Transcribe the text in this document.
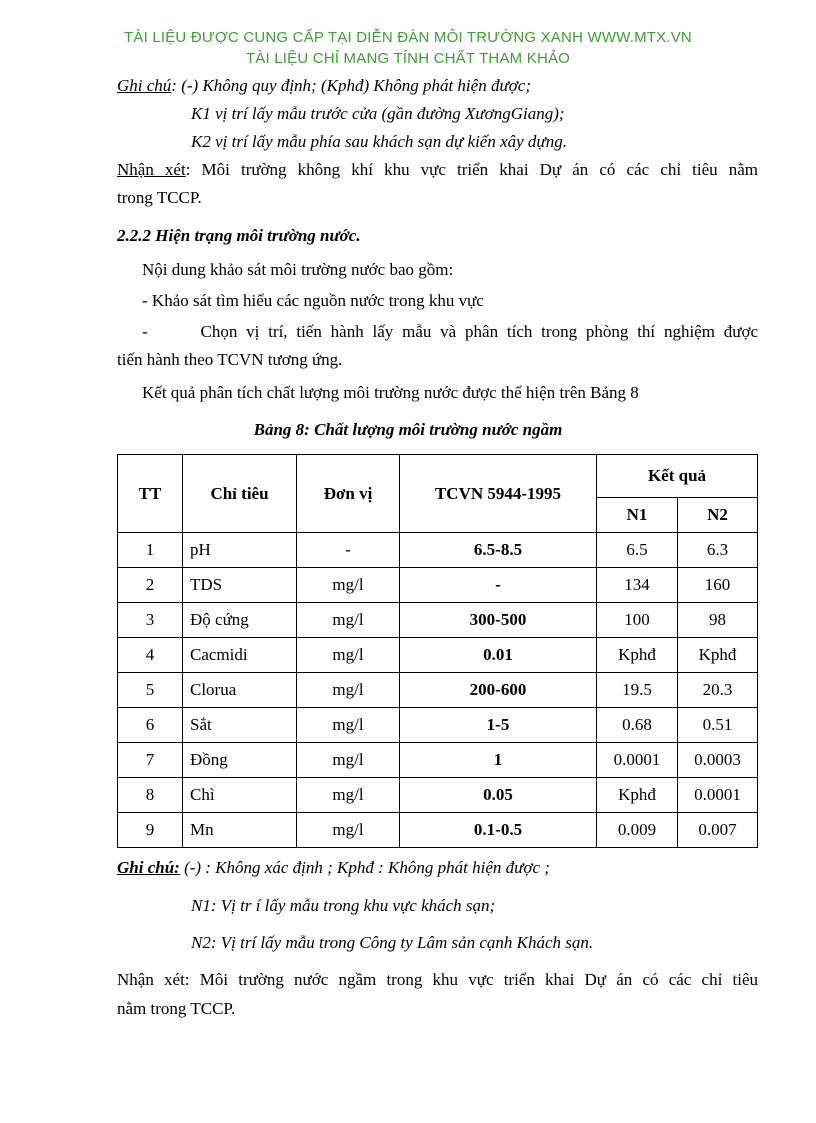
TÀI LIỆU ĐƯỢC CUNG CẤP TẠI DIỄN ĐÀN MÔI TRƯỜNG XANH WWW.MTX.VN
TÀI LIỆU CHỈ MANG TÍNH CHẤT THAM KHẢO
Ghi chú: (-) Không quy định; (Kphđ) Không phát hiện được;
K1 vị trí lấy mẫu trước cửa (gần đường XươngGiang);
K2 vị trí lấy mẫu phía sau khách sạn dự kiến xây dựng.
Nhận xét: Môi trường không khí khu vực triển khai Dự án có các chỉ tiêu nằm
trong TCCP.
2.2.2 Hiện trạng môi trường nước.
Nội dung khảo sát môi trường nước bao gồm:
- Khảo sát tìm hiểu các nguồn nước trong khu vực
-      Chọn vị trí, tiến hành lấy mẫu và phân tích trong phòng thí nghiệm được
tiến hành theo TCVN tương ứng.
Kết quả phân tích chất lượng môi trường nước được thể hiện trên Bảng 8
Bảng 8: Chất lượng môi trường nước ngầm
TT	Chỉ tiêu	Đơn vị	TCVN 5944-1995	Kết quả	
				N1	N2
1	pH	-	6.5-8.5	6.5	6.3
2	TDS	mg/l	-	134	160
3	Độ cứng	mg/l	300-500	100	98
4	Cacmidi	mg/l	0.01	Kphđ	Kphđ
5	Clorua	mg/l	200-600	19.5	20.3
6	Sắt	mg/l	1-5	0.68	0.51
7	Đồng	mg/l	1	0.0001	0.0003
8	Chì	mg/l	0.05	Kphđ	0.0001
9	Mn	mg/l	0.1-0.5	0.009	0.007
Ghi chú: (-) : Không xác định ; Kphđ : Không phát hiện được ;
N1: Vị tr í lấy mẫu trong khu vực khách sạn;
N2: Vị trí lấy mẫu trong Công ty Lâm sản cạnh Khách sạn.
Nhận xét: Môi trường nước ngầm trong khu vực triển khai Dự án có các chỉ tiêu
nằm trong TCCP.
